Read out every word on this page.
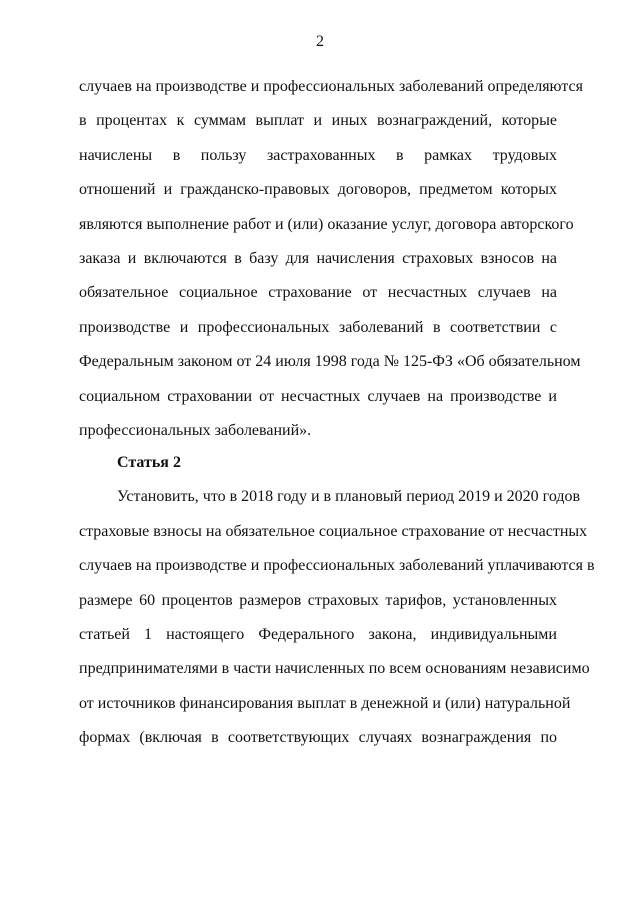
2
случаев на производстве и профессиональных заболеваний определяются
в процентах к суммам выплат и иных вознаграждений, которые
начислены в пользу застрахованных в рамках трудовых
отношений и гражданско-правовых договоров, предметом которых
являются выполнение работ и (или) оказание услуг, договора авторского
заказа и включаются в базу для начисления страховых взносов на
обязательное социальное страхование от несчастных случаев на
производстве и профессиональных заболеваний в соответствии с
Федеральным законом от 24 июля 1998 года № 125-ФЗ «Об обязательном
социальном страховании от несчастных случаев на производстве и
профессиональных заболеваний».
Статья 2
Установить, что в 2018 году и в плановый период 2019 и 2020 годов
страховые взносы на обязательное социальное страхование от несчастных
случаев на производстве и профессиональных заболеваний уплачиваются в
размере 60 процентов размеров страховых тарифов, установленных
статьей 1 настоящего Федерального закона, индивидуальными
предпринимателями в части начисленных по всем основаниям независимо
от источников финансирования выплат в денежной и (или) натуральной
формах (включая в соответствующих случаях вознаграждения по
